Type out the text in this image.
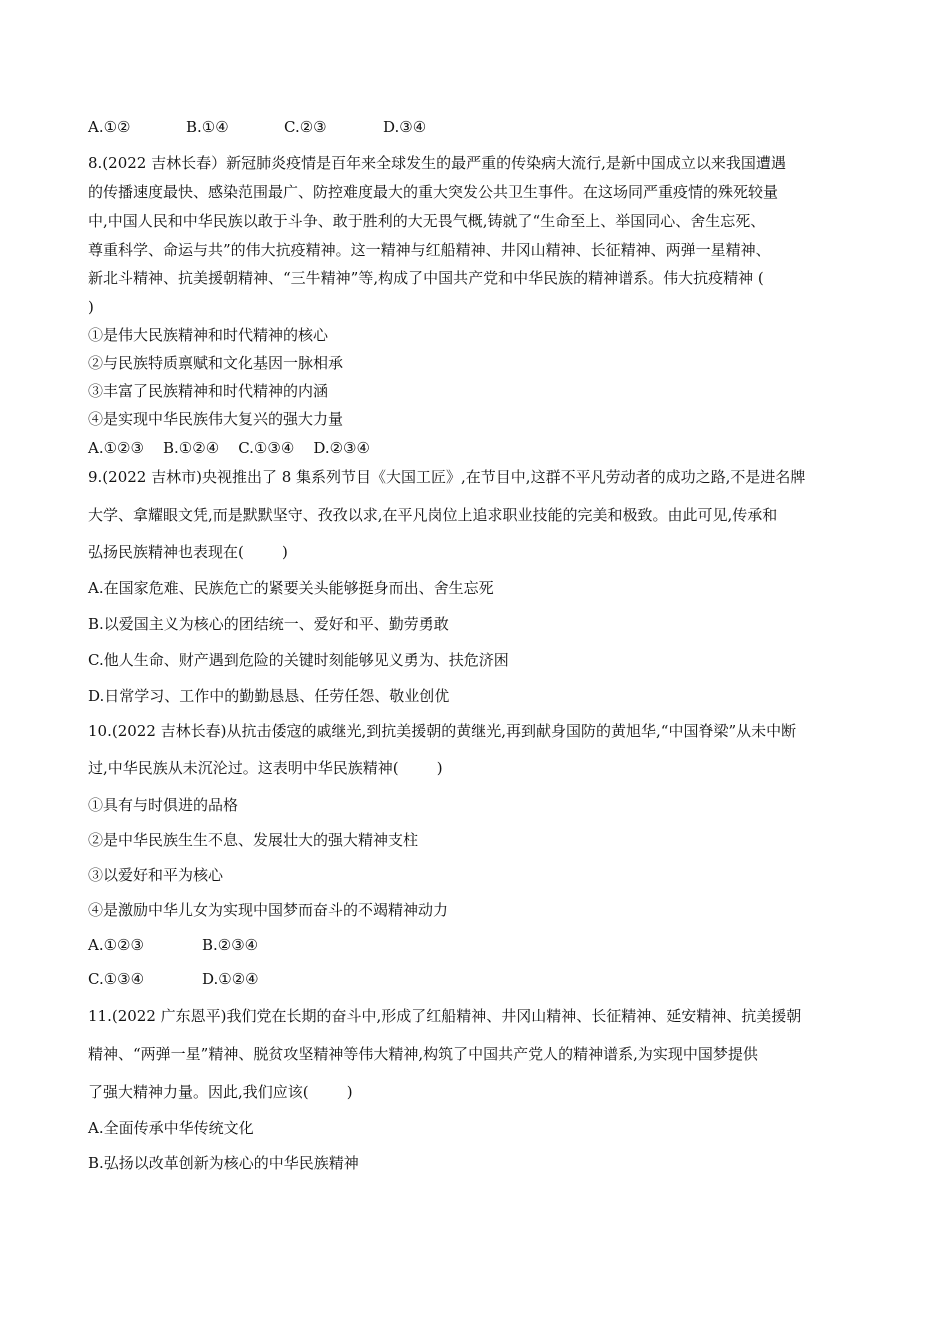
A.①②	B.①④	C.②③	D.③④
8.(2022 吉林长春）新冠肺炎疫情是百年来全球发生的最严重的传染病大流行,是新中国成立以来我国遭遇
的传播速度最快、感染范围最广、防控难度最大的重大突发公共卫生事件。在这场同严重疫情的殊死较量
中,中国人民和中华民族以敢于斗争、敢于胜利的大无畏气概,铸就了“生命至上、举国同心、舍生忘死、
尊重科学、命运与共”的伟大抗疫精神。这一精神与红船精神、井冈山精神、长征精神、两弹一星精神、
新北斗精神、抗美援朝精神、“三牛精神”等,构成了中国共产党和中华民族的精神谱系。伟大抗疫精神 (
)
①是伟大民族精神和时代精神的核心
②与民族特质禀赋和文化基因一脉相承
③丰富了民族精神和时代精神的内涵
④是实现中华民族伟大复兴的强大力量
A.①②③    B.①②④    C.①③④    D.②③④
9.(2022 吉林市)央视推出了 8 集系列节目《大国工匠》,在节目中,这群不平凡劳动者的成功之路,不是进名牌
大学、拿耀眼文凭,而是默默坚守、孜孜以求,在平凡岗位上追求职业技能的完美和极致。由此可见,传承和
弘扬民族精神也表现在(        )
A.在国家危难、民族危亡的紧要关头能够挺身而出、舍生忘死
B.以爱国主义为核心的团结统一、爱好和平、勤劳勇敢
C.他人生命、财产遇到危险的关键时刻能够见义勇为、扶危济困
D.日常学习、工作中的勤勤恳恳、任劳任怨、敬业创优
10.(2022 吉林长春)从抗击倭寇的戚继光,到抗美援朝的黄继光,再到献身国防的黄旭华,“中国脊梁”从未中断
过,中华民族从未沉沦过。这表明中华民族精神(        )
①具有与时俱进的品格
②是中华民族生生不息、发展壮大的强大精神支柱
③以爱好和平为核心
④是激励中华儿女为实现中国梦而奋斗的不竭精神动力
A.①②③	B.②③④
C.①③④	D.①②④
11.(2022 广东恩平)我们党在长期的奋斗中,形成了红船精神、井冈山精神、长征精神、延安精神、抗美援朝
精神、“两弹一星”精神、脱贫攻坚精神等伟大精神,构筑了中国共产党人的精神谱系,为实现中国梦提供
了强大精神力量。因此,我们应该(        )
A.全面传承中华传统文化
B.弘扬以改革创新为核心的中华民族精神
